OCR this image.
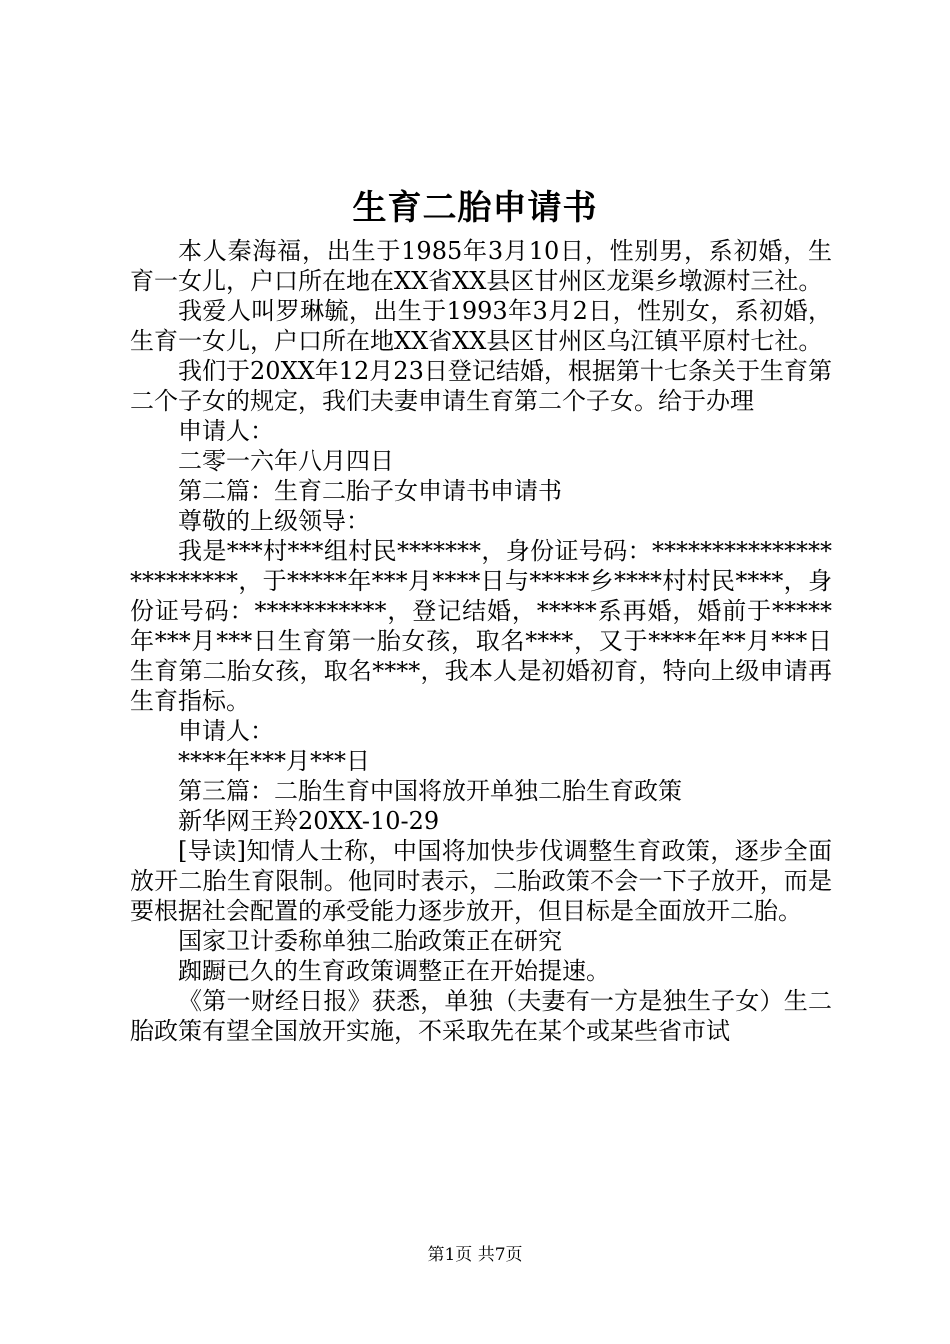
生育二胎申请书

本人秦海福，出生于1985年3月10日，性别男，系初婚，生育一女儿，户口所在地在XX省XX县区甘州区龙渠乡墩源村三社。

我爱人叫罗琳毓，出生于1993年3月2日，性别女，系初婚，生育一女儿，户口所在地XX省XX县区甘州区乌江镇平原村七社。

我们于20XX年12月23日登记结婚，根据第十七条关于生育第二个子女的规定，我们夫妻申请生育第二个子女。给于办理

申请人：

二零一六年八月四日

第二篇：生育二胎子女申请书申请书

尊敬的上级领导：

我是***村***组村民*******，身份证号码：************************，于*****年***月****日与*****乡****村村民****，身份证号码：***********，登记结婚，*****系再婚，婚前于*****年***月***日生育第一胎女孩，取名****，又于****年**月***日生育第二胎女孩，取名****，我本人是初婚初育，特向上级申请再生育指标。

申请人：

****年***月***日

第三篇：二胎生育中国将放开单独二胎生育政策

新华网王羚20XX-10-29

[导读]知情人士称，中国将加快步伐调整生育政策，逐步全面放开二胎生育限制。他同时表示，二胎政策不会一下子放开，而是要根据社会配置的承受能力逐步放开，但目标是全面放开二胎。

国家卫计委称单独二胎政策正在研究

踟蹰已久的生育政策调整正在开始提速。

《第一财经日报》获悉，单独（夫妻有一方是独生子女）生二胎政策有望全国放开实施，不采取先在某个或某些省市试

第1页 共7页
